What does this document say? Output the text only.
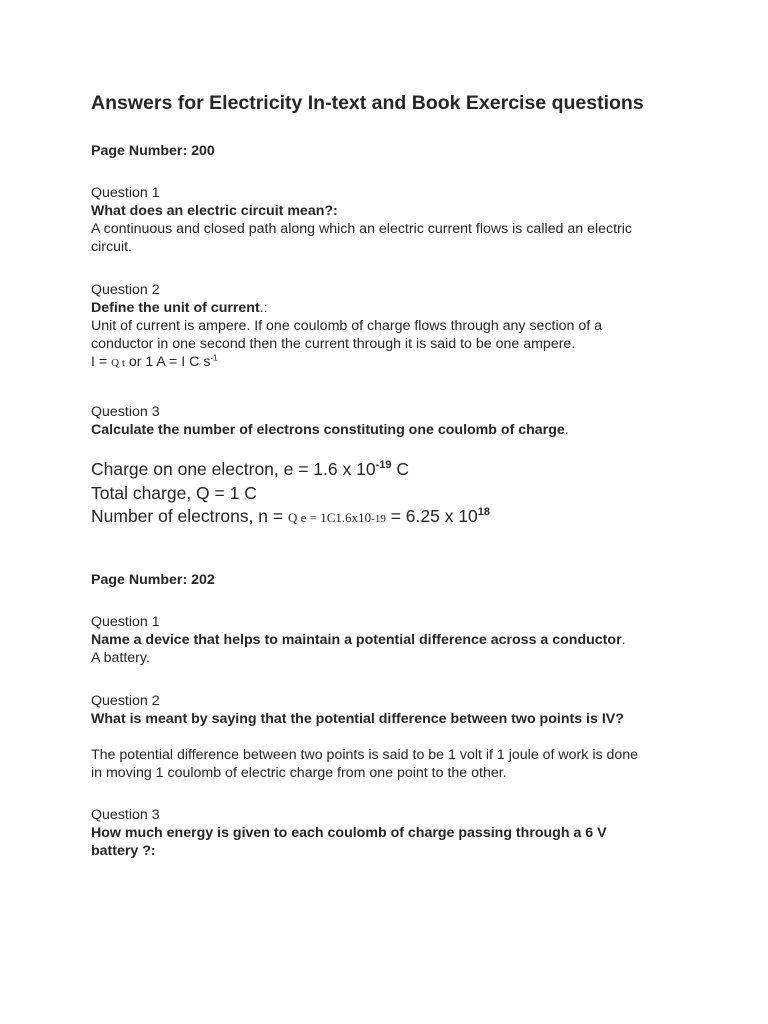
Answers for Electricity In-text and Book Exercise questions
Page Number: 200
Question 1
What does an electric circuit mean?:
A continuous and closed path along which an electric current flows is called an electric
circuit.
Question 2
Define the unit of current.:
Unit of current is ampere. If one coulomb of charge flows through any section of a
conductor in one second then the current through it is said to be one ampere.
I = Q t or 1 A = I C $s^{-1}$
Question 3
Calculate the number of electrons constituting one coulomb of charge.
Charge on one electron, e = 1.6 x $10^{-19}$ C
Total charge, Q = 1 C
Number of electrons, n = Q e = 1C1.6x10-19 = 6.25 x $10^{18}$
Page Number: 202
Question 1
Name a device that helps to maintain a potential difference across a conductor.
A battery.
Question 2
What is meant by saying that the potential difference between two points is IV?
The potential difference between two points is said to be 1 volt if 1 joule of work is done
in moving 1 coulomb of electric charge from one point to the other.
Question 3
How much energy is given to each coulomb of charge passing through a 6 V
battery ?:
